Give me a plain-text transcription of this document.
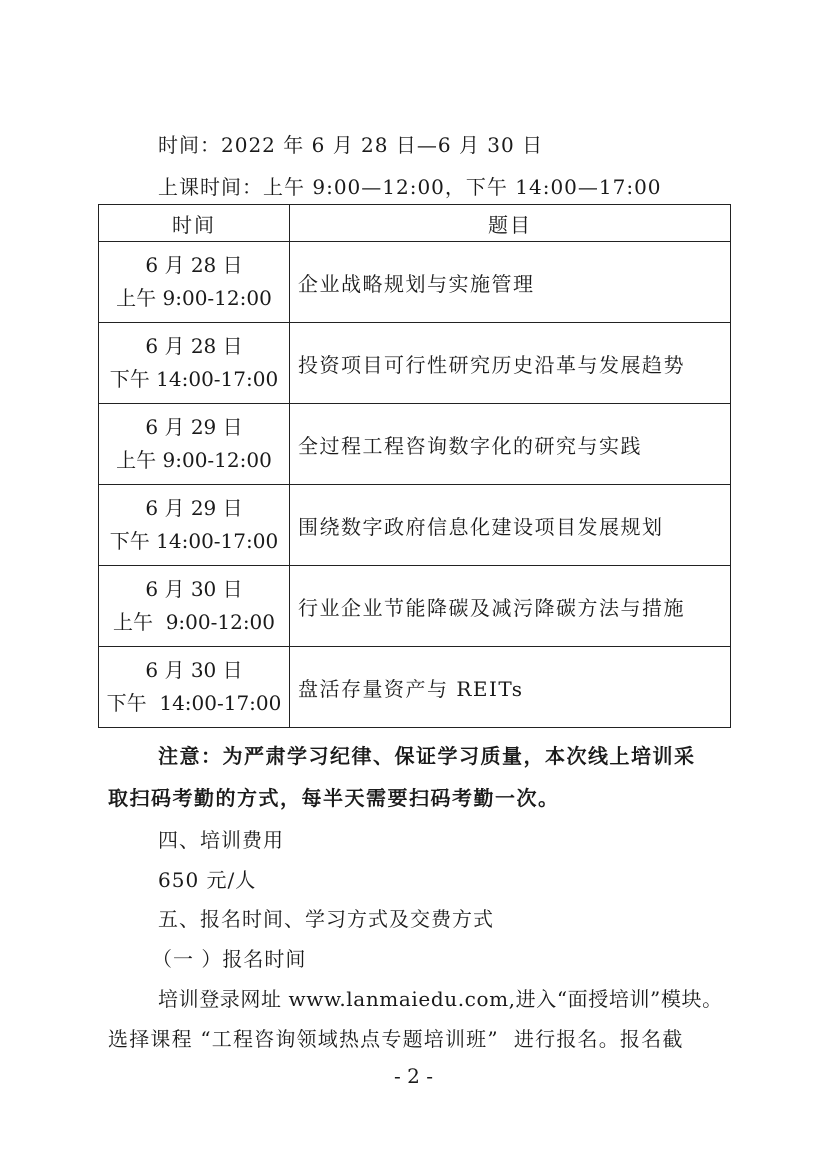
时间：2022 年 6 月 28 日—6 月 30 日
上课时间：上午 9:00—12:00，下午 14:00—17:00
时间	题目

6 月 28 日
上午 9:00-12:00	企业战略规划与实施管理

6 月 28 日
下午 14:00-17:00	投资项目可行性研究历史沿革与发展趋势

6 月 29 日
上午 9:00-12:00	全过程工程咨询数字化的研究与实践

6 月 29 日
下午 14:00-17:00	围绕数字政府信息化建设项目发展规划

6 月 30 日
上午  9:00-12:00	行业企业节能降碳及减污降碳方法与措施

6 月 30 日
下午  14:00-17:00	盘活存量资产与 REITs
注意：为严肃学习纪律、保证学习质量，本次线上培训采
取扫码考勤的方式，每半天需要扫码考勤一次。
四、培训费用
650 元/人
五、报名时间、学习方式及交费方式
（一 ）报名时间
培训登录网址 www.lanmaiedu.com,进入“面授培训”模块。
选择课程 “工程咨询领域热点专题培训班”  进行报名。报名截
- 2 -
